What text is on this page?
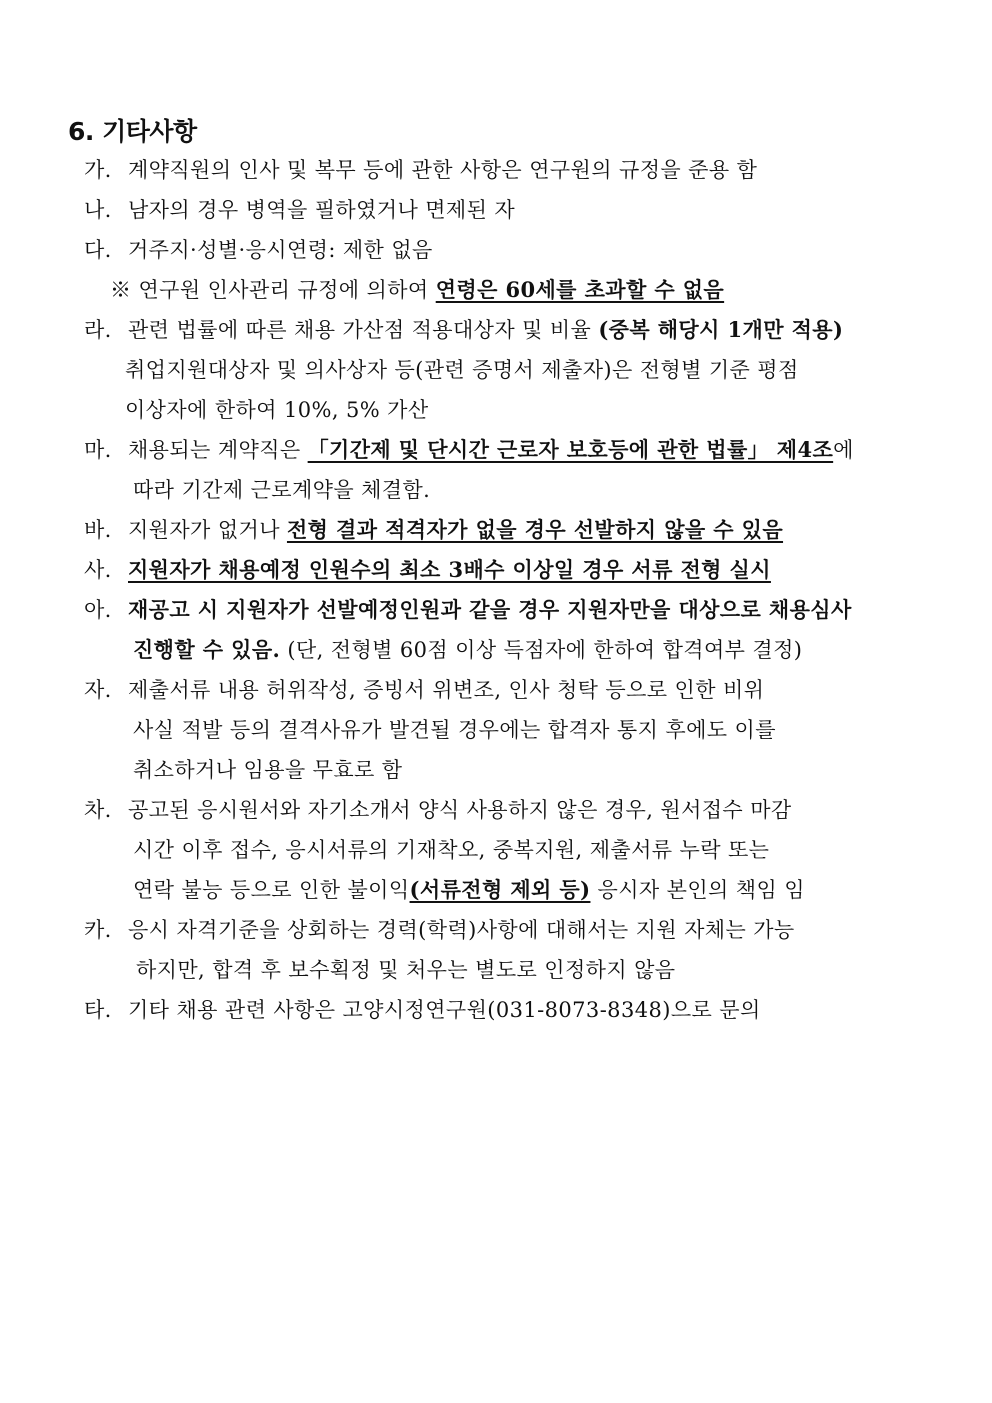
6. 기타사항
가. 계약직원의 인사 및 복무 등에 관한 사항은 연구원의 규정을 준용 함
나. 남자의 경우 병역을 필하였거나 면제된 자
다. 거주지·성별·응시연령: 제한 없음
※ 연구원 인사관리 규정에 의하여 연령은 60세를 초과할 수 없음
라. 관련 법률에 따른 채용 가산점 적용대상자 및 비율 (중복 해당시 1개만 적용)
취업지원대상자 및 의사상자 등(관련 증명서 제출자)은 전형별 기준 평점
이상자에 한하여 10%, 5% 가산
마. 채용되는 계약직은 「기간제 및 단시간 근로자 보호등에 관한 법률」 제4조에
따라 기간제 근로계약을 체결함.
바. 지원자가 없거나 전형 결과 적격자가 없을 경우 선발하지 않을 수 있음
사. 지원자가 채용예정 인원수의 최소 3배수 이상일 경우 서류 전형 실시
아. 재공고 시 지원자가 선발예정인원과 같을 경우 지원자만을 대상으로 채용심사
진행할 수 있음. (단, 전형별 60점 이상 득점자에 한하여 합격여부 결정)
자. 제출서류 내용 허위작성, 증빙서 위변조, 인사 청탁 등으로 인한 비위
사실 적발 등의 결격사유가 발견될 경우에는 합격자 통지 후에도 이를
취소하거나 임용을 무효로 함
차. 공고된 응시원서와 자기소개서 양식 사용하지 않은 경우, 원서접수 마감
시간 이후 접수, 응시서류의 기재착오, 중복지원, 제출서류 누락 또는
연락 불능 등으로 인한 불이익(서류전형 제외 등) 응시자 본인의 책임 임
카. 응시 자격기준을 상회하는 경력(학력)사항에 대해서는 지원 자체는 가능
하지만, 합격 후 보수획정 및 처우는 별도로 인정하지 않음
타. 기타 채용 관련 사항은 고양시정연구원(031-8073-8348)으로 문의
